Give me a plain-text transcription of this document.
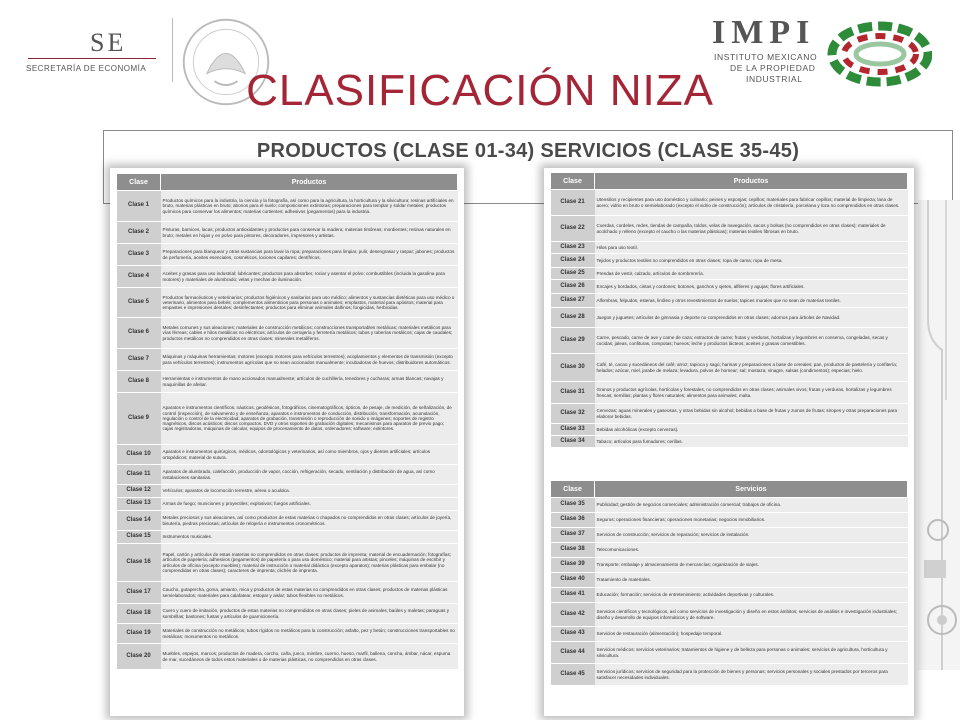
SE
SECRETARÍA DE ECONOMÍA
IMPI
INSTITUTO MEXICANO
DE LA PROPIEDAD
INDUSTRIAL
CLASIFICACIÓN NIZA
PRODUCTOS (CLASE 01-34) SERVICIOS (CLASE 35-45)
Clase	Productos
Clase 1	Productos químicos para la industria, la ciencia y la fotografía, así como para la agricultura, la horticultura y la silvicultura; resinas artificiales en bruto, materias plásticas en bruto; abonos para el suelo; composiciones extintoras; preparaciones para templar y soldar metales; productos químicos para conservar los alimentos; materias curtientes; adhesivos (pegamentos) para la industria.
Clase 2	Pinturas, barnices, lacas; productos antioxidantes y productos para conservar la madera; materias tintóreas; mordientes; resinas naturales en bruto; metales en hojas y en polvo para pintores, decoradores, impresores y artistas.
Clase 3	Preparaciones para blanquear y otras sustancias para lavar la ropa; preparaciones para limpiar, pulir, desengrasar y raspar; jabones; productos de perfumería, aceites esenciales, cosméticos, lociones capilares; dentífricos.
Clase 4	Aceites y grasas para uso industrial; lubricantes; productos para absorber, rociar y asentar el polvo; combustibles (incluida la gasolina para motores) y materiales de alumbrado; velas y mechas de iluminación.
Clase 5	Productos farmacéuticos y veterinarios; productos higiénicos y sanitarios para uso médico; alimentos y sustancias dietéticas para uso médico o veterinario, alimentos para bebés; complementos alimenticios para personas o animales; emplastos, material para apósitos; material para empastes e impresiones dentales; desinfectantes; productos para eliminar animales dañinos; fungicidas, herbicidas.
Clase 6	Metales comunes y sus aleaciones; materiales de construcción metálicos; construcciones transportables metálicas; materiales metálicos para vías férreas; cables e hilos metálicos no eléctricos; artículos de cerrajería y ferretería metálicos; tubos y tuberías metálicos; cajas de caudales; productos metálicos no comprendidos en otras clases; minerales metalíferos.
Clase 7	Máquinas y máquinas herramientas; motores (excepto motores para vehículos terrestres); acoplamientos y elementos de transmisión (excepto para vehículos terrestres); instrumentos agrícolas que no sean accionados manualmente; incubadoras de huevos; distribuidores automáticos.
Clase 8	Herramientas e instrumentos de mano accionados manualmente; artículos de cuchillería, tenedores y cucharas; armas blancas; navajas y maquinillas de afeitar.
Clase 9	Aparatos e instrumentos científicos, náuticos, geodésicos, fotográficos, cinematográficos, ópticos, de pesaje, de medición, de señalización, de control (inspección), de salvamento y de enseñanza; aparatos e instrumentos de conducción, distribución, transformación, acumulación, regulación o control de la electricidad; aparatos de grabación, transmisión o reproducción de sonido o imágenes; soportes de registro magnéticos, discos acústicos; discos compactos, DVD y otros soportes de grabación digitales; mecanismos para aparatos de previo pago; cajas registradoras, máquinas de calcular, equipos de procesamiento de datos, ordenadores; software; extintores.
Clase 10	Aparatos e instrumentos quirúrgicos, médicos, odontológicos y veterinarios, así como miembros, ojos y dientes artificiales; artículos ortopédicos; material de sutura.
Clase 11	Aparatos de alumbrado, calefacción, producción de vapor, cocción, refrigeración, secado, ventilación y distribución de agua, así como instalaciones sanitarias.
Clase 12	Vehículos; aparatos de locomoción terrestre, aérea o acuática.
Clase 13	Armas de fuego; municiones y proyectiles; explosivos; fuegos artificiales.
Clase 14	Metales preciosos y sus aleaciones, así como productos de estas materias o chapados no comprendidos en otras clases; artículos de joyería, bisutería, piedras preciosas; artículos de relojería e instrumentos cronométricos.
Clase 15	Instrumentos musicales.
Clase 16	Papel, cartón y artículos de estas materias no comprendidos en otras clases; productos de imprenta; material de encuadernación; fotografías; artículos de papelería; adhesivos (pegamentos) de papelería o para uso doméstico; material para artistas; pinceles; máquinas de escribir y artículos de oficina (excepto muebles); material de instrucción o material didáctico (excepto aparatos); materias plásticas para embalar (no comprendidas en otras clases); caracteres de imprenta; clichés de imprenta.
Clase 17	Caucho, gutapercha, goma, amianto, mica y productos de estas materias no comprendidos en otras clases; productos de materias plásticas semielaborados; materiales para calafatear, estopar y aislar; tubos flexibles no metálicos.
Clase 18	Cuero y cuero de imitación, productos de estas materias no comprendidos en otras clases; pieles de animales; baúles y maletas; paraguas y sombrillas; bastones; fustas y artículos de guarnicionería.
Clase 19	Materiales de construcción no metálicos; tubos rígidos no metálicos para la construcción; asfalto, pez y betún; construcciones transportables no metálicas; monumentos no metálicos.
Clase 20	Muebles, espejos, marcos; productos de madera, corcho, caña, junco, mimbre, cuerno, hueso, marfil, ballena, concha, ámbar, nácar, espuma de mar, sucedáneos de todos estos materiales o de materias plásticas, no comprendidos en otras clases.
Clase	Productos
Clase 21	Utensilios y recipientes para uso doméstico y culinario; peines y esponjas; cepillos; materiales para fabricar cepillos; material de limpieza; lana de acero; vidrio en bruto o semielaborado (excepto el vidrio de construcción); artículos de cristalería, porcelana y loza no comprendidos en otras clases.
Clase 22	Cuerdas, cordeles, redes, tiendas de campaña, toldos, velas de navegación, sacos y bolsas (no comprendidos en otras clases); materiales de acolchado y relleno (excepto el caucho o las materias plásticas); materias textiles fibrosas en bruto.
Clase 23	Hilos para uso textil.
Clase 24	Tejidos y productos textiles no comprendidos en otras clases; ropa de cama; ropa de mesa.
Clase 25	Prendas de vestir, calzado, artículos de sombrerería.
Clase 26	Encajes y bordados, cintas y cordones; botones, ganchos y ojetes, alfileres y agujas; flores artificiales.
Clase 27	Alfombras, felpudos, esteras, linóleo y otros revestimientos de suelos; tapices murales que no sean de materias textiles.
Clase 28	Juegos y juguetes; artículos de gimnasia y deporte no comprendidos en otras clases; adornos para árboles de Navidad.
Clase 29	Carne, pescado, carne de ave y carne de caza; extractos de carne; frutas y verduras, hortalizas y legumbres en conserva, congeladas, secas y cocidas; jaleas, confituras, compotas; huevos; leche y productos lácteos; aceites y grasas comestibles.
Clase 30	Café, té, cacao y sucedáneos del café; arroz; tapioca y sagú; harinas y preparaciones a base de cereales; pan, productos de pastelería y confitería; helados; azúcar, miel, jarabe de melaza; levadura, polvos de hornear; sal; mostaza; vinagre, salsas (condimentos); especias; hielo.
Clase 31	Granos y productos agrícolas, hortícolas y forestales, no comprendidos en otras clases; animales vivos; frutas y verduras, hortalizas y legumbres frescas; semillas; plantas y flores naturales; alimentos para animales; malta.
Clase 32	Cervezas; aguas minerales y gaseosas, y otras bebidas sin alcohol; bebidas a base de frutas y zumos de frutas; siropes y otras preparaciones para elaborar bebidas.
Clase 33	Bebidas alcohólicas (excepto cervezas).
Clase 34	Tabaco; artículos para fumadores; cerillas.
Clase	Servicios
Clase 35	Publicidad; gestión de negocios comerciales; administración comercial; trabajos de oficina.
Clase 36	Seguros; operaciones financieras; operaciones monetarias; negocios inmobiliarios.
Clase 37	Servicios de construcción; servicios de reparación; servicios de instalación.
Clase 38	Telecomunicaciones.
Clase 39	Transporte; embalaje y almacenamiento de mercancías; organización de viajes.
Clase 40	Tratamiento de materiales.
Clase 41	Educación; formación; servicios de entretenimiento; actividades deportivas y culturales.
Clase 42	Servicios científicos y tecnológicos, así como servicios de investigación y diseño en estos ámbitos; servicios de análisis e investigación industriales; diseño y desarrollo de equipos informáticos y de software.
Clase 43	Servicios de restauración (alimentación); hospedaje temporal.
Clase 44	Servicios médicos; servicios veterinarios; tratamientos de higiene y de belleza para personas o animales; servicios de agricultura, horticultura y silvicultura.
Clase 45	Servicios jurídicos; servicios de seguridad para la protección de bienes y personas; servicios personales y sociales prestados por terceros para satisfacer necesidades individuales.
